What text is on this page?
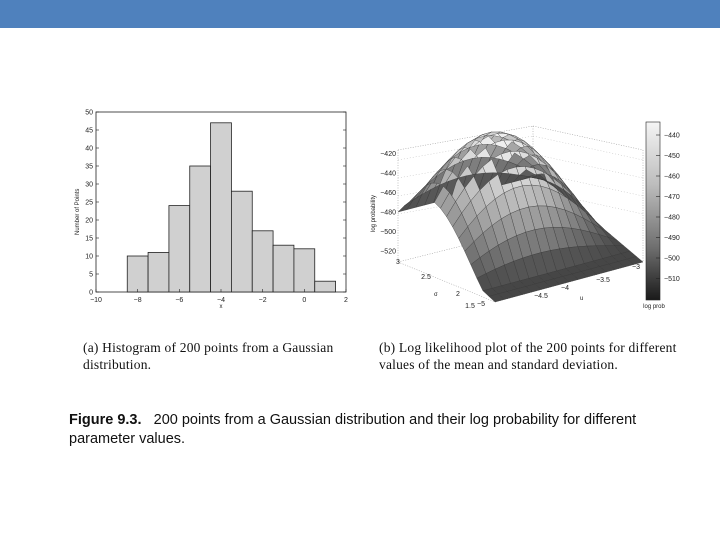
0
5
10
15
20
25
30
35
40
45
50
−10	−8	−6	−4	−2	0	2
Number of Points
x
−420
−440
−460
−480
−500
−520
1.5
2
2.5
3
−5
−4.5
−4
−3.5
−3
log probability
σ
u
−440
−450
−460
−470
−480
−490
−500
−510
log prob
(a) Histogram of 200 points from a Gaussian distribution.
(b) Log likelihood plot of the 200 points for different values of the mean and standard deviation.
Figure 9.3. 200 points from a Gaussian distribution and their log probability for different parameter values.
